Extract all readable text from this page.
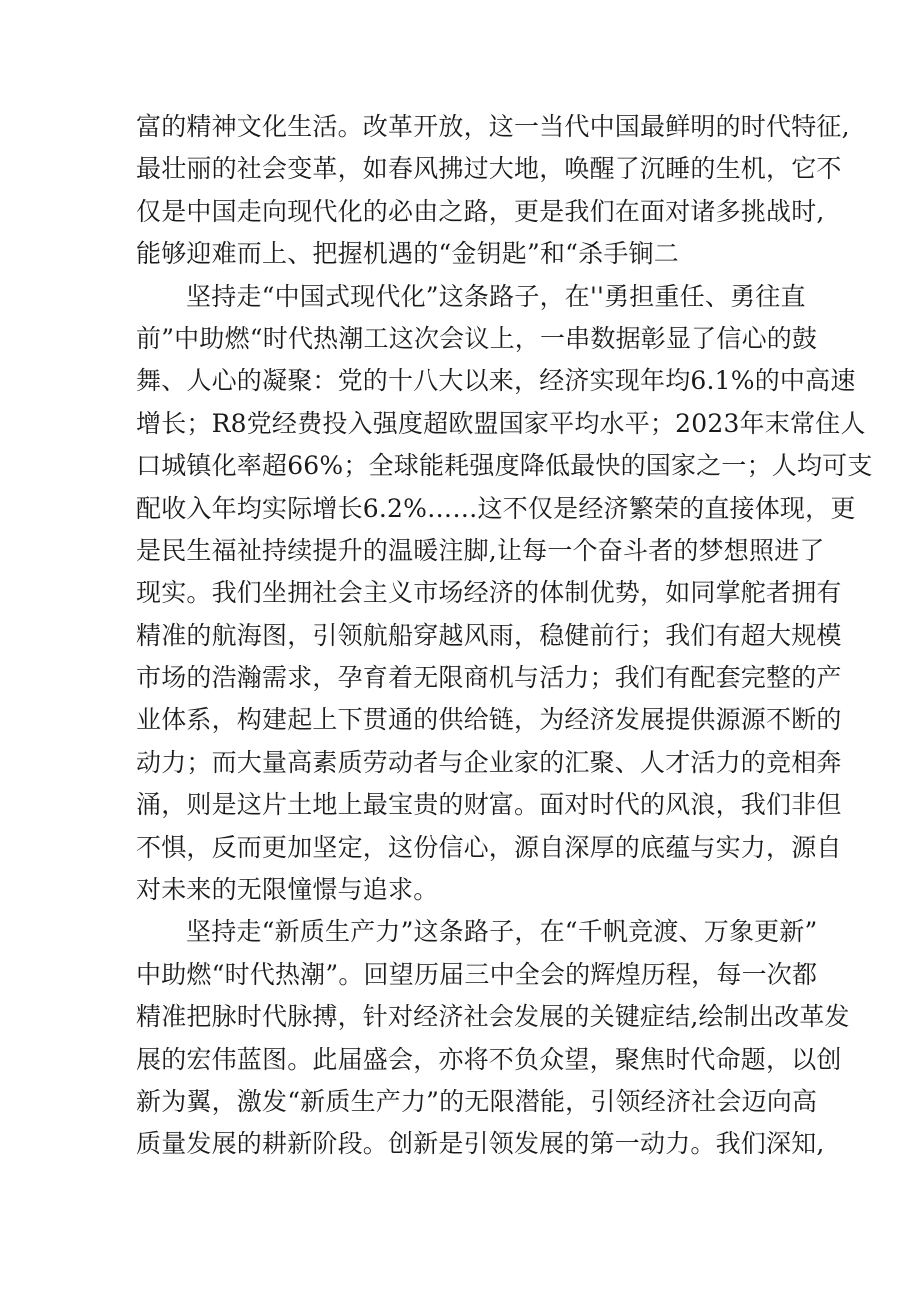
富的精神文化生活。改革开放，这一当代中国最鲜明的时代特征,
最壮丽的社会变革，如春风拂过大地，唤醒了沉睡的生机，它不
仅是中国走向现代化的必由之路，更是我们在面对诸多挑战时,
能够迎难而上、把握机遇的“金钥匙”和“杀手锏二
坚持走“中国式现代化”这条路子，在''勇担重任、勇往直
前”中助燃“时代热潮工这次会议上，一串数据彰显了信心的鼓
舞、人心的凝聚：党的十八大以来，经济实现年均6.1%的中高速
增长；R8党经费投入强度超欧盟国家平均水平；2023年末常住人
口城镇化率超66%；全球能耗强度降低最快的国家之一；人均可支
配收入年均实际增长6.2%……这不仅是经济繁荣的直接体现，更
是民生福祉持续提升的温暖注脚,让每一个奋斗者的梦想照进了
现实。我们坐拥社会主义市场经济的体制优势，如同掌舵者拥有
精准的航海图，引领航船穿越风雨，稳健前行；我们有超大规模
市场的浩瀚需求，孕育着无限商机与活力；我们有配套完整的产
业体系，构建起上下贯通的供给链，为经济发展提供源源不断的
动力；而大量高素质劳动者与企业家的汇聚、人才活力的竞相奔
涌，则是这片土地上最宝贵的财富。面对时代的风浪，我们非但
不惧，反而更加坚定，这份信心，源自深厚的底蕴与实力，源自
对未来的无限憧憬与追求。
坚持走“新质生产力”这条路子，在“千帆竞渡、万象更新”
中助燃“时代热潮”。回望历届三中全会的辉煌历程，每一次都
精准把脉时代脉搏，针对经济社会发展的关键症结,绘制出改革发
展的宏伟蓝图。此届盛会，亦将不负众望，聚焦时代命题，以创
新为翼，激发“新质生产力”的无限潜能，引领经济社会迈向高
质量发展的耕新阶段。创新是引领发展的第一动力。我们深知,
